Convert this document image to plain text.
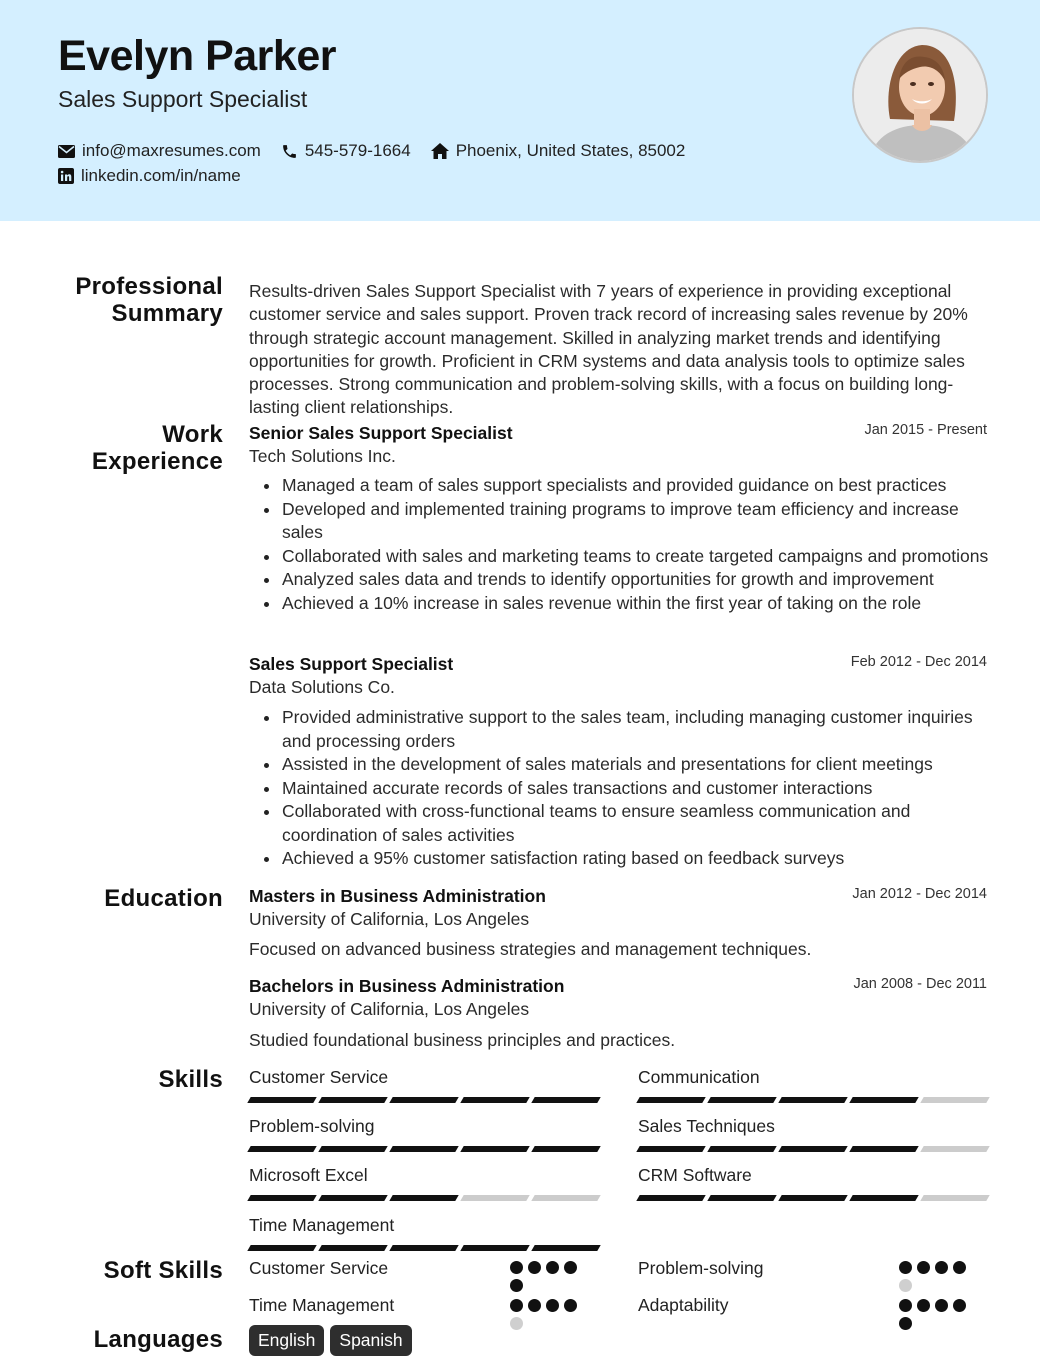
Evelyn Parker
Sales Support Specialist
info@maxresumes.com	545-579-1664	Phoenix, United States, 85002
linkedin.com/in/name
Professional
Summary
Results-driven Sales Support Specialist with 7 years of experience in providing exceptional customer service and sales support. Proven track record of increasing sales revenue by 20% through strategic account management. Skilled in analyzing market trends and identifying opportunities for growth. Proficient in CRM systems and data analysis tools to optimize sales processes. Strong communication and problem-solving skills, with a focus on building long-lasting client relationships.
Work
Experience
Senior Sales Support Specialist	Jan 2015 - Present
Tech Solutions Inc.
Managed a team of sales support specialists and provided guidance on best practices
Developed and implemented training programs to improve team efficiency and increase sales
Collaborated with sales and marketing teams to create targeted campaigns and promotions
Analyzed sales data and trends to identify opportunities for growth and improvement
Achieved a 10% increase in sales revenue within the first year of taking on the role
Sales Support Specialist	Feb 2012 - Dec 2014
Data Solutions Co.
Provided administrative support to the sales team, including managing customer inquiries and processing orders
Assisted in the development of sales materials and presentations for client meetings
Maintained accurate records of sales transactions and customer interactions
Collaborated with cross-functional teams to ensure seamless communication and coordination of sales activities
Achieved a 95% customer satisfaction rating based on feedback surveys
Education Masters in Business Administration	Jan 2012 - Dec 2014
University of California, Los Angeles
Focused on advanced business strategies and management techniques.
Bachelors in Business Administration	Jan 2008 - Dec 2011
University of California, Los Angeles
Studied foundational business principles and practices.
Skills Customer Service	Communication
Problem-solving	Sales Techniques
Microsoft Excel	CRM Software
Time Management
Soft Skills Customer Service	Problem-solving
Time Management	Adaptability
Languages	English	Spanish
